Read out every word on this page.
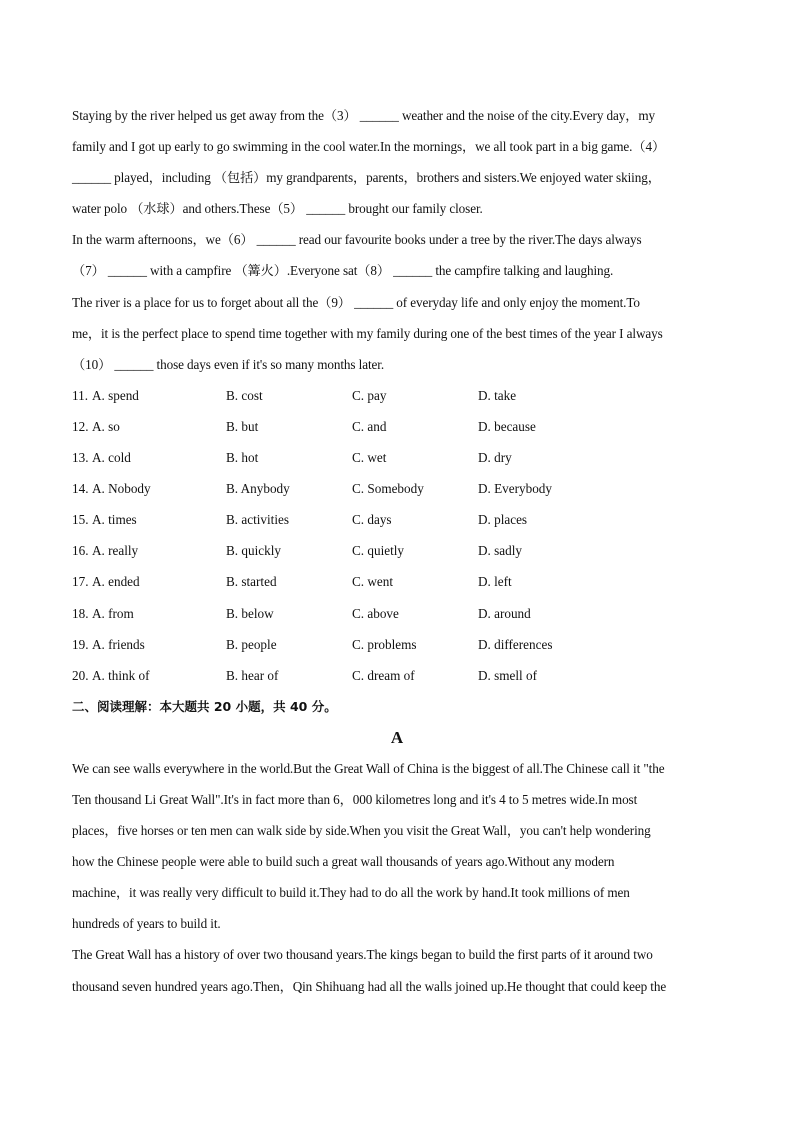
Staying by the river helped us get away from the（3） ______ weather and the noise of the city.Every day，my
family and I got up early to go swimming in the cool water.In the mornings，we all took part in a big game.（4）
______ played，including （包括）my grandparents，parents，brothers and sisters.We enjoyed water skiing，
water polo （水球）and others.These（5） ______ brought our family closer.
In the warm afternoons，we（6） ______ read our favourite books under a tree by the river.The days always
（7） ______ with a campfire （篝火）.Everyone sat（8） ______ the campfire talking and laughing.
The river is a place for us to forget about all the（9） ______ of everyday life and only enjoy the moment.To
me，it is the perfect place to spend time together with my family during one of the best times of the year I always
（10） ______ those days even if it's so many months later.
11. A. spend	B. cost	C. pay	D. take
12. A. so	B. but	C. and	D. because
13. A. cold	B. hot	C. wet	D. dry
14. A. Nobody	B. Anybody	C. Somebody	D. Everybody
15. A. times	B. activities	C. days	D. places
16. A. really	B. quickly	C. quietly	D. sadly
17. A. ended	B. started	C. went	D. left
18. A. from	B. below	C. above	D. around
19. A. friends	B. people	C. problems	D. differences
20. A. think of	B. hear of	C. dream of	D. smell of
二、阅读理解：本大题共 20 小题，共 40 分。
A
We can see walls everywhere in the world.But the Great Wall of China is the biggest of all.The Chinese call it "the
Ten thousand Li Great Wall".It's in fact more than 6，000 kilometres long and it's 4 to 5 metres wide.In most
places，five horses or ten men can walk side by side.When you visit the Great Wall，you can't help wondering
how the Chinese people were able to build such a great wall thousands of years ago.Without any modern
machine，it was really very difficult to build it.They had to do all the work by hand.It took millions of men
hundreds of years to build it.
The Great Wall has a history of over two thousand years.The kings began to build the first parts of it around two
thousand seven hundred years ago.Then，Qin Shihuang had all the walls joined up.He thought that could keep the
